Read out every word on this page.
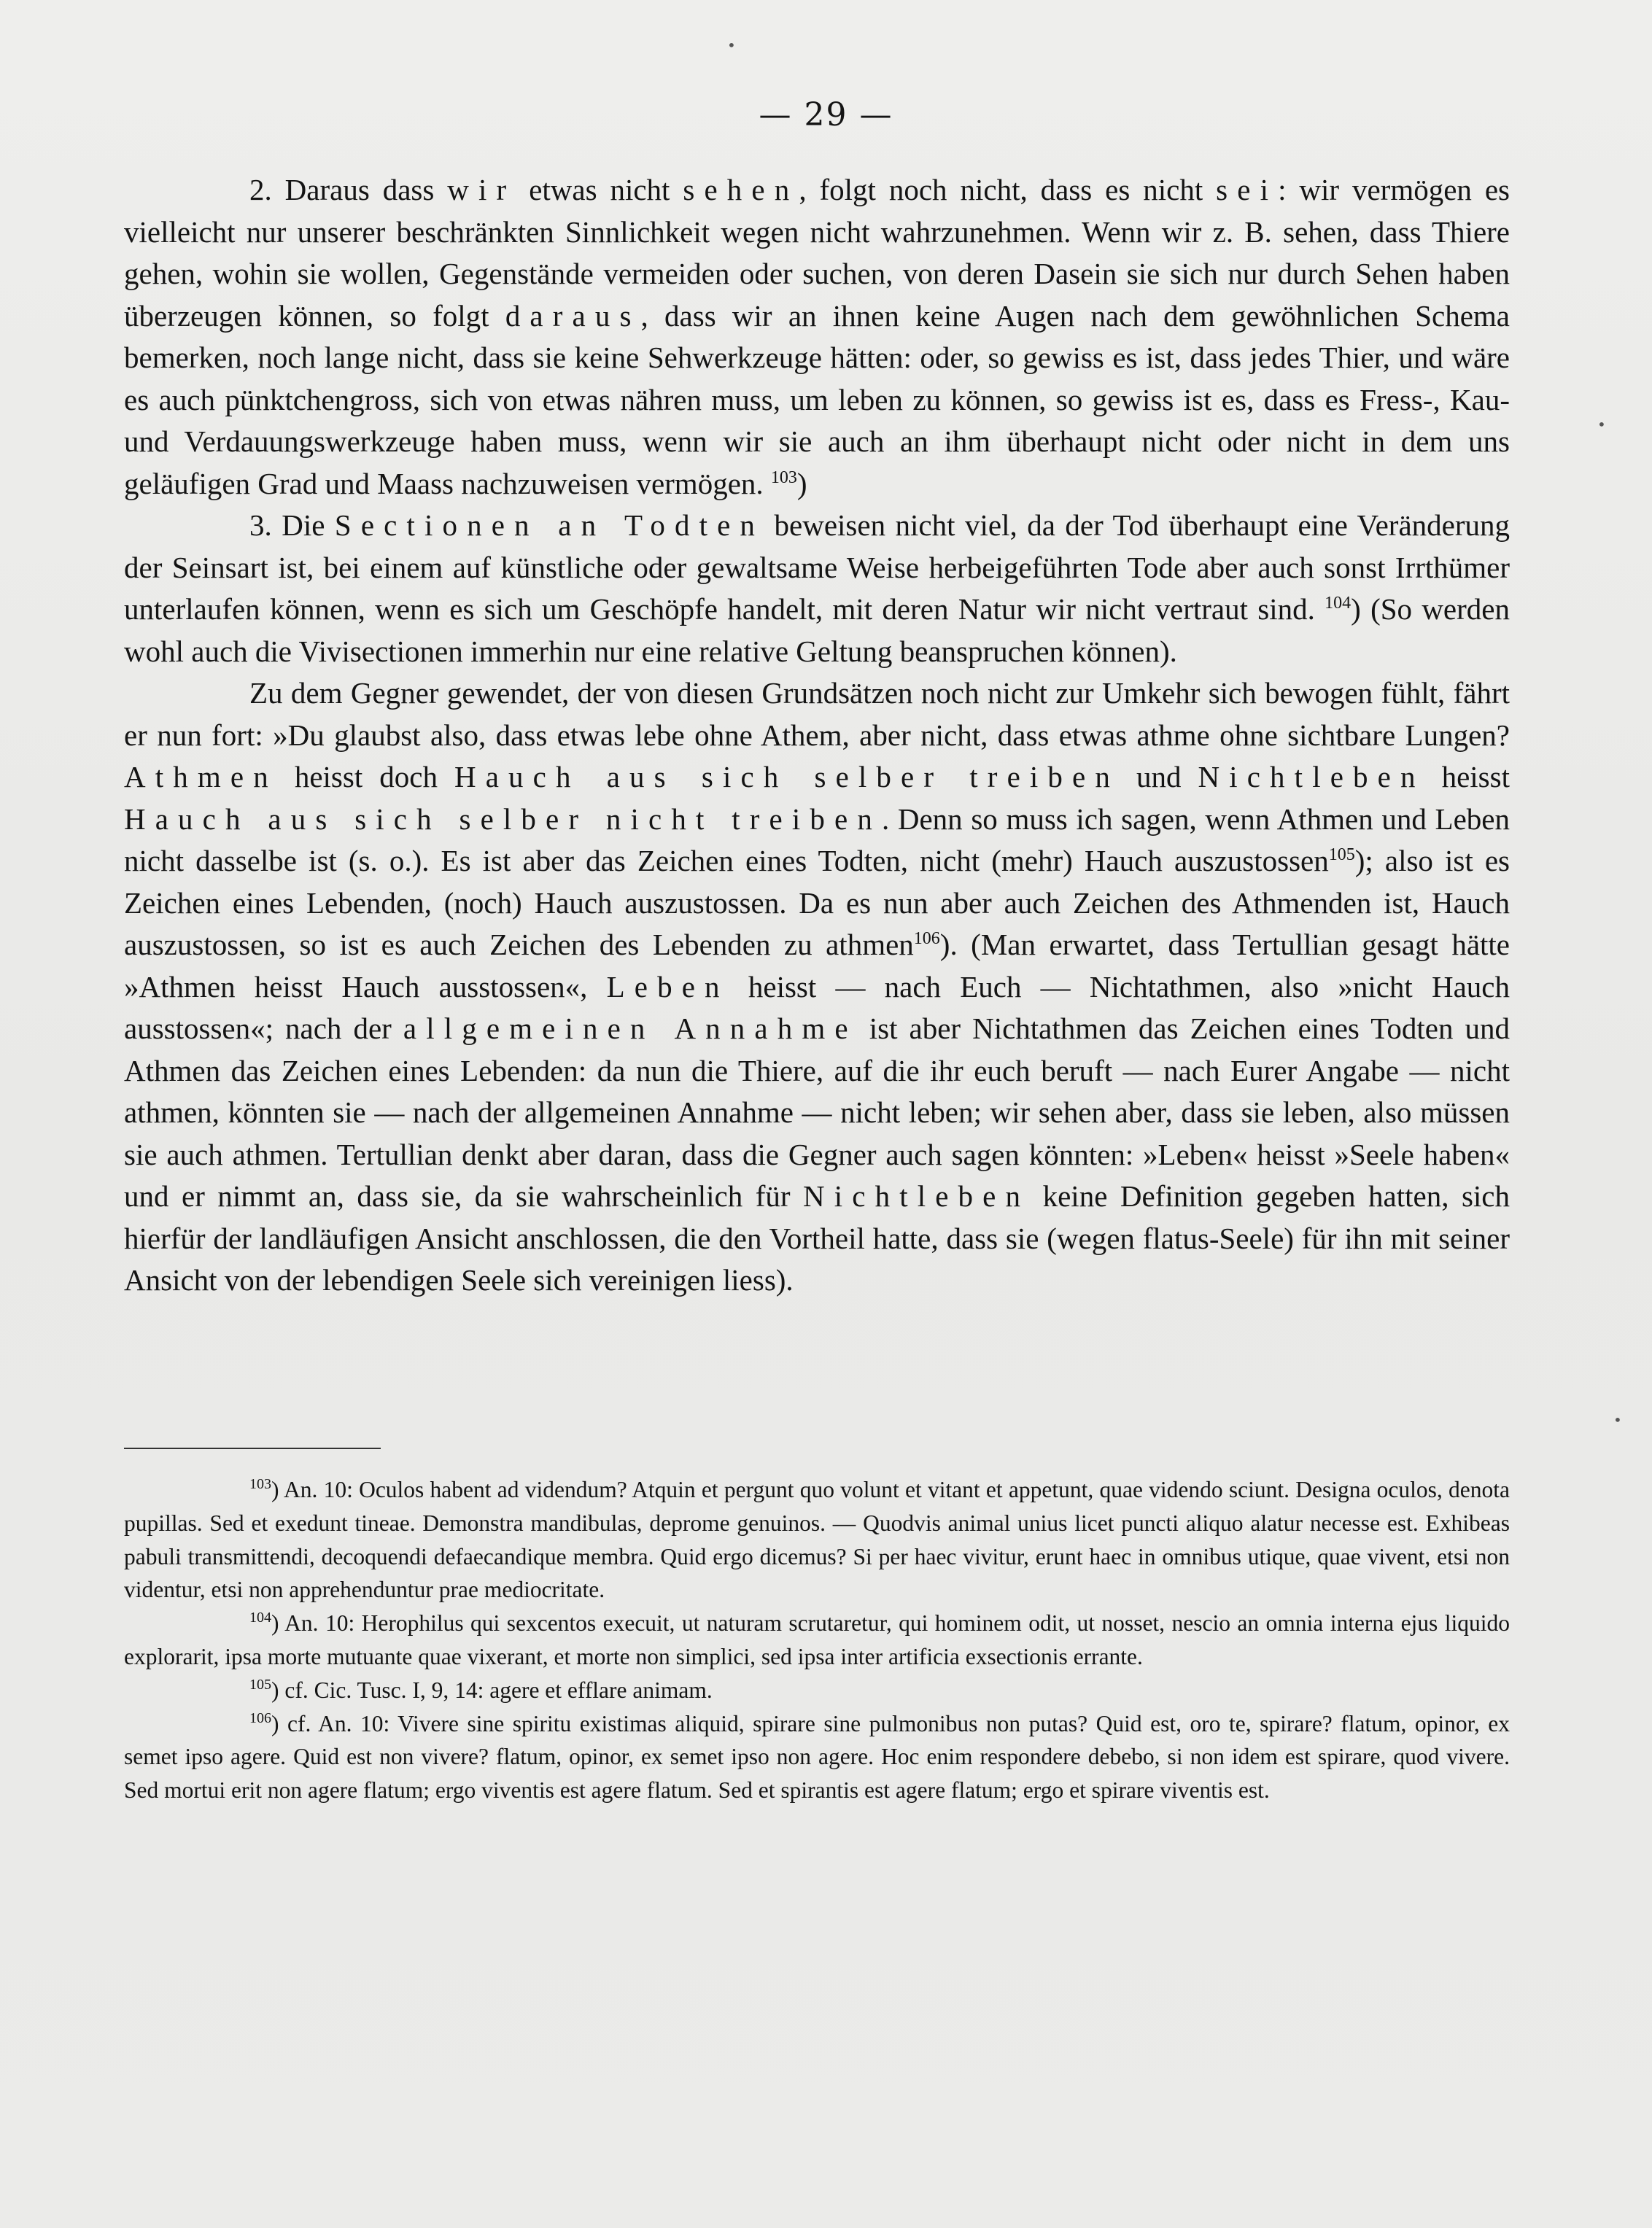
— 29 —

2. Daraus dass wir etwas nicht sehen, folgt noch nicht, dass es nicht sei: wir vermögen es vielleicht nur unserer beschränkten Sinnlichkeit wegen nicht wahrzunehmen. Wenn wir z. B. sehen, dass Thiere gehen, wohin sie wollen, Gegenstände vermeiden oder suchen, von deren Dasein sie sich nur durch Sehen haben überzeugen können, so folgt daraus, dass wir an ihnen keine Augen nach dem gewöhnlichen Schema bemerken, noch lange nicht, dass sie keine Sehwerkzeuge hätten: oder, so gewiss es ist, dass jedes Thier, und wäre es auch pünktchengross, sich von etwas nähren muss, um leben zu können, so gewiss ist es, dass es Fress-, Kau- und Verdauungswerkzeuge haben muss, wenn wir sie auch an ihm überhaupt nicht oder nicht in dem uns geläufigen Grad und Maass nachzuweisen vermögen. $^{103}$)

3. Die Sectionen an Todten beweisen nicht viel, da der Tod überhaupt eine Veränderung der Seinsart ist, bei einem auf künstliche oder gewaltsame Weise herbeigeführten Tode aber auch sonst Irrthümer unterlaufen können, wenn es sich um Geschöpfe handelt, mit deren Natur wir nicht vertraut sind. $^{104}$) (So werden wohl auch die Vivisectionen immerhin nur eine relative Geltung beanspruchen können).

Zu dem Gegner gewendet, der von diesen Grundsätzen noch nicht zur Umkehr sich bewogen fühlt, fährt er nun fort: »Du glaubst also, dass etwas lebe ohne Athem, aber nicht, dass etwas athme ohne sichtbare Lungen? Athmen heisst doch Hauch aus sich selber treiben und Nichtleben heisst Hauch aus sich selber nicht treiben. Denn so muss ich sagen, wenn Athmen und Leben nicht dasselbe ist (s. o.). Es ist aber das Zeichen eines Todten, nicht (mehr) Hauch auszustossen$^{105}$); also ist es Zeichen eines Lebenden, (noch) Hauch auszustossen. Da es nun aber auch Zeichen des Athmenden ist, Hauch auszustossen, so ist es auch Zeichen des Lebenden zu athmen$^{106}$). (Man erwartet, dass Tertullian gesagt hätte »Athmen heisst Hauch ausstossen«, Leben heisst — nach Euch — Nichtathmen, also »nicht Hauch ausstossen«; nach der allgemeinen Annahme ist aber Nichtathmen das Zeichen eines Todten und Athmen das Zeichen eines Lebenden: da nun die Thiere, auf die ihr euch beruft — nach Eurer Angabe — nicht athmen, könnten sie — nach der allgemeinen Annahme — nicht leben; wir sehen aber, dass sie leben, also müssen sie auch athmen. Tertullian denkt aber daran, dass die Gegner auch sagen könnten: »Leben« heisst »Seele haben« und er nimmt an, dass sie, da sie wahrscheinlich für Nichtleben keine Definition gegeben hatten, sich hierfür der landläufigen Ansicht anschlossen, die den Vortheil hatte, dass sie (wegen flatus-Seele) für ihn mit seiner Ansicht von der lebendigen Seele sich vereinigen liess).

$^{103}$) An. 10: Oculos habent ad videndum? Atquin et pergunt quo volunt et vitant et appetunt, quae videndo sciunt. Designa oculos, denota pupillas. Sed et exedunt tineae. Demonstra mandibulas, deprome genuinos. — Quodvis animal unius licet puncti aliquo alatur necesse est. Exhibeas pabuli transmittendi, decoquendi defaecandique membra. Quid ergo dicemus? Si per haec vivitur, erunt haec in omnibus utique, quae vivent, etsi non videntur, etsi non apprehenduntur prae mediocritate.

$^{104}$) An. 10: Herophilus qui sexcentos execuit, ut naturam scrutaretur, qui hominem odit, ut nosset, nescio an omnia interna ejus liquido explorarit, ipsa morte mutuante quae vixerant, et morte non simplici, sed ipsa inter artificia exsectionis errante.

$^{105}$) cf. Cic. Tusc. I, 9, 14: agere et efflare animam.

$^{106}$) cf. An. 10: Vivere sine spiritu existimas aliquid, spirare sine pulmonibus non putas? Quid est, oro te, spirare? flatum, opinor, ex semet ipso agere. Quid est non vivere? flatum, opinor, ex semet ipso non agere. Hoc enim respondere debebo, si non idem est spirare, quod vivere. Sed mortui erit non agere flatum; ergo viventis est agere flatum. Sed et spirantis est agere flatum; ergo et spirare viventis est.

•
•
•
